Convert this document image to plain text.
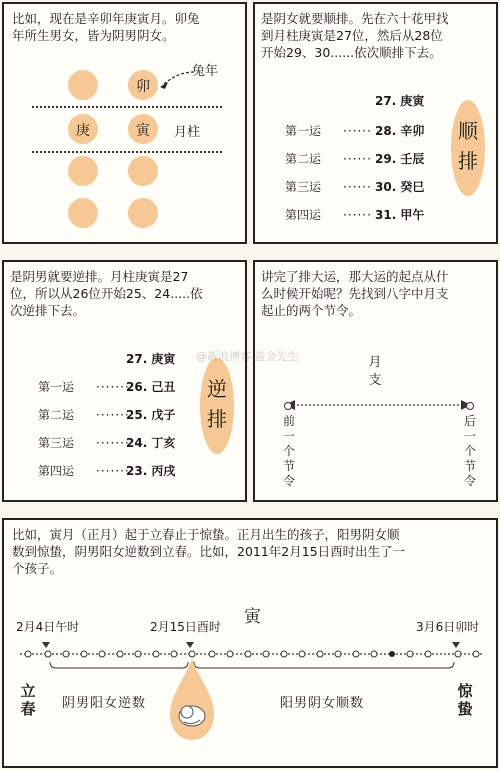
比如，现在是辛卯年庚寅月。卯兔
年所生男女，皆为阴男阴女。
兔年
卯
庚	寅 月柱
是阴女就要顺排。先在六十花甲找
到月柱庚寅是27位，然后从28位
开始29、30......依次顺排下去。
27. 庚寅
第一运 ······ 28. 辛卯
第二运 ······ 29. 壬辰
第三运 ······ 30. 癸巳
第四运 ······ 31. 甲午
顺
排
是阴男就要逆排。月柱庚寅是27
位，所以从26位开始25、24.....依
次逆排下去。
27. 庚寅
第一运 ·······26. 己丑
第二运 ·······25. 戊子
第三运 ·······24. 丁亥
第四运 ·······23. 丙戌
逆
排
讲完了排大运，那大运的起点从什
么时候开始呢？先找到八字中月支
起止的两个节令。
月
支
前
一
个
节
令
后
一
个
节
令
@新浪博客 盖金先生
比如，寅月（正月）起于立春止于惊蛰。正月出生的孩子，阳男阴女顺
数到惊蛰，阴男阳女逆数到立春。比如，2011年2月15日酉时出生了一
个孩子。
2月4日午时	2月15日酉时 寅	3月6日卯时
立
春
惊
蛰
阴男阳女逆数	阳男阴女顺数
